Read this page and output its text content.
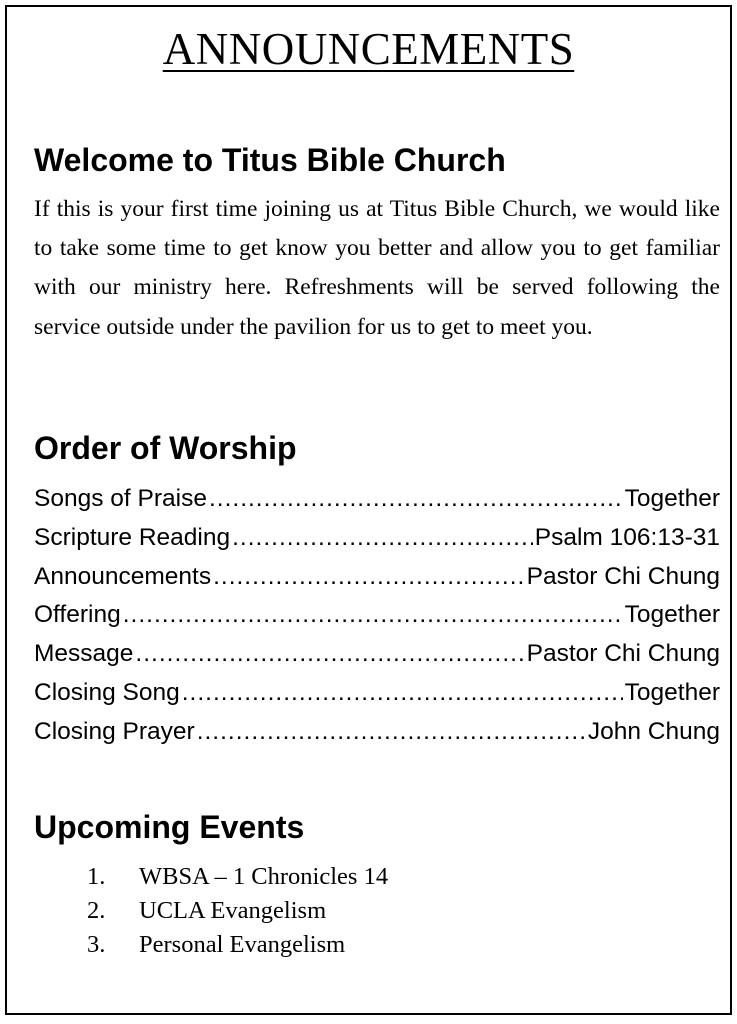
ANNOUNCEMENTS
Welcome to Titus Bible Church

If this is your first time joining us at Titus Bible Church, we would like to take some time to get know you better and allow you to get familiar with our ministry here. Refreshments will be served following the service outside under the pavilion for us to get to meet you.

Order of Worship
Songs of Praise .....	Together
Scripture Reading .....	Psalm 106:13-31
Announcements .....	Pastor Chi Chung
Offering .....	Together
Message .....	Pastor Chi Chung
Closing Song .....	Together
Closing Prayer .....	John Chung
Upcoming Events
1.	WBSA – 1 Chronicles 14
2.	UCLA Evangelism
3.	Personal Evangelism
